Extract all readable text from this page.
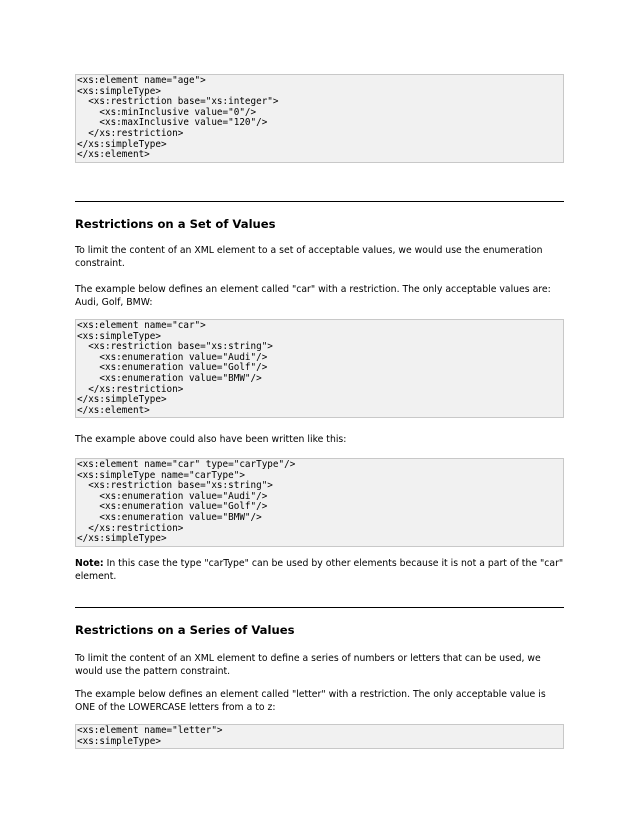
<xs:element name="age">
<xs:simpleType>
<xs:restriction base="xs:integer">
<xs:minInclusive value="0"/>
<xs:maxInclusive value="120"/>
</xs:restriction>
</xs:simpleType>
</xs:element>
Restrictions on a Set of Values

To limit the content of an XML element to a set of acceptable values, we would use the enumeration constraint.

The example below defines an element called "car" with a restriction. The only acceptable values are: Audi, Golf, BMW:

<xs:element name="car">
<xs:simpleType>
<xs:restriction base="xs:string">
<xs:enumeration value="Audi"/>
<xs:enumeration value="Golf"/>
<xs:enumeration value="BMW"/>
</xs:restriction>
</xs:simpleType>
</xs:element>

The example above could also have been written like this:

<xs:element name="car" type="carType"/>
<xs:simpleType name="carType">
<xs:restriction base="xs:string">
<xs:enumeration value="Audi"/>
<xs:enumeration value="Golf"/>
<xs:enumeration value="BMW"/>
</xs:restriction>
</xs:simpleType>

Note: In this case the type "carType" can be used by other elements because it is not a part of the "car" element.

Restrictions on a Series of Values

To limit the content of an XML element to define a series of numbers or letters that can be used, we would use the pattern constraint.

The example below defines an element called "letter" with a restriction. The only acceptable value is ONE of the LOWERCASE letters from a to z:

<xs:element name="letter">
<xs:simpleType>
